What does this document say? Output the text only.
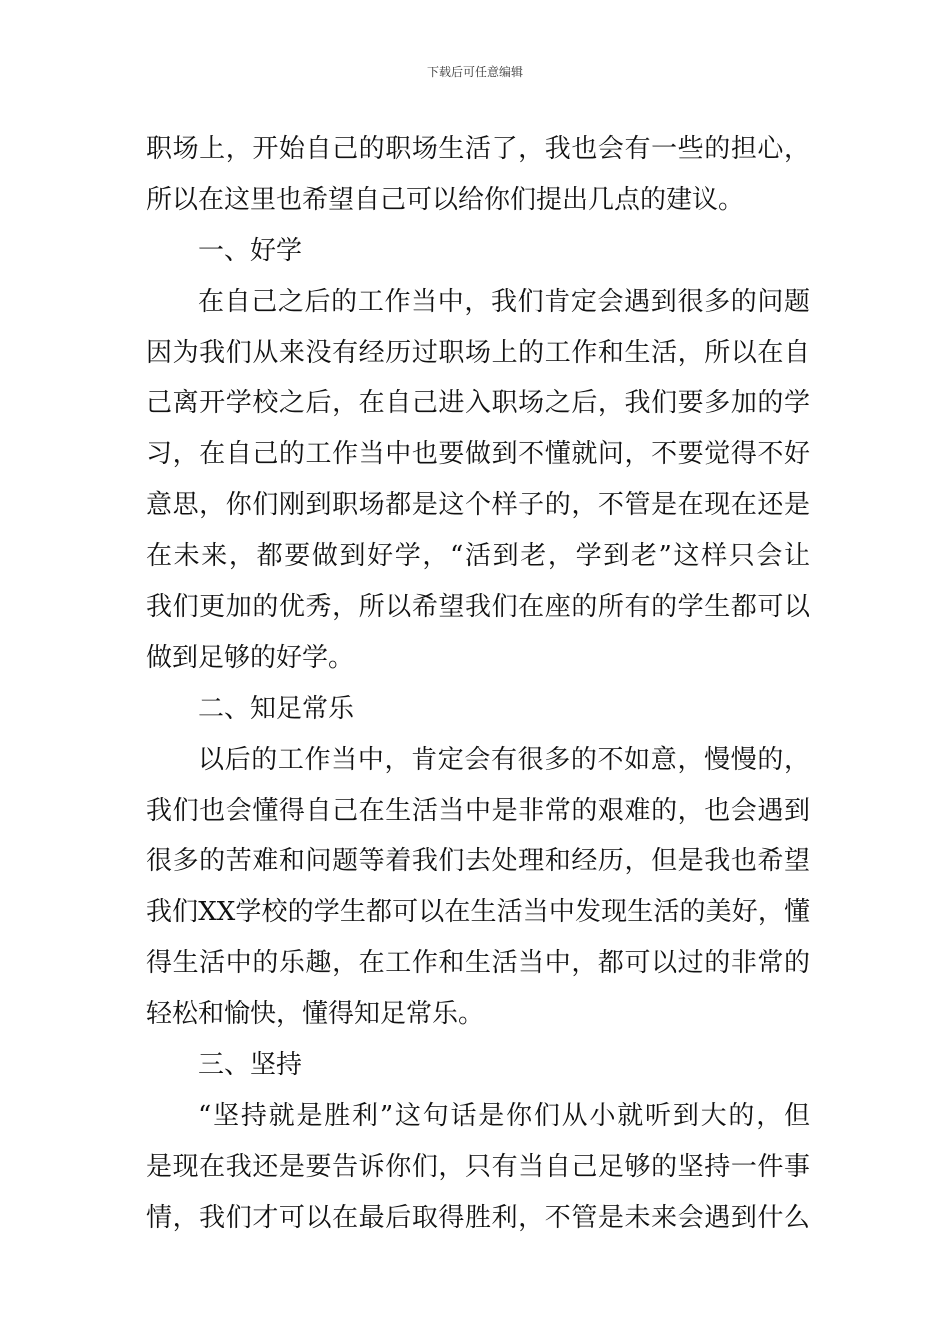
下载后可任意编辑
职场上，开始自己的职场生活了，我也会有一些的担心，
所以在这里也希望自己可以给你们提出几点的建议。
一、好学
在自己之后的工作当中，我们肯定会遇到很多的问题
因为我们从来没有经历过职场上的工作和生活，所以在自
己离开学校之后，在自己进入职场之后，我们要多加的学
习，在自己的工作当中也要做到不懂就问，不要觉得不好
意思，你们刚到职场都是这个样子的，不管是在现在还是
在未来，都要做到好学，“活到老，学到老”这样只会让
我们更加的优秀，所以希望我们在座的所有的学生都可以
做到足够的好学。
二、知足常乐
以后的工作当中，肯定会有很多的不如意，慢慢的，
我们也会懂得自己在生活当中是非常的艰难的，也会遇到
很多的苦难和问题等着我们去处理和经历，但是我也希望
我们XX学校的学生都可以在生活当中发现生活的美好，懂
得生活中的乐趣，在工作和生活当中，都可以过的非常的
轻松和愉快，懂得知足常乐。
三、坚持
“坚持就是胜利”这句话是你们从小就听到大的，但
是现在我还是要告诉你们，只有当自己足够的坚持一件事
情，我们才可以在最后取得胜利，不管是未来会遇到什么
